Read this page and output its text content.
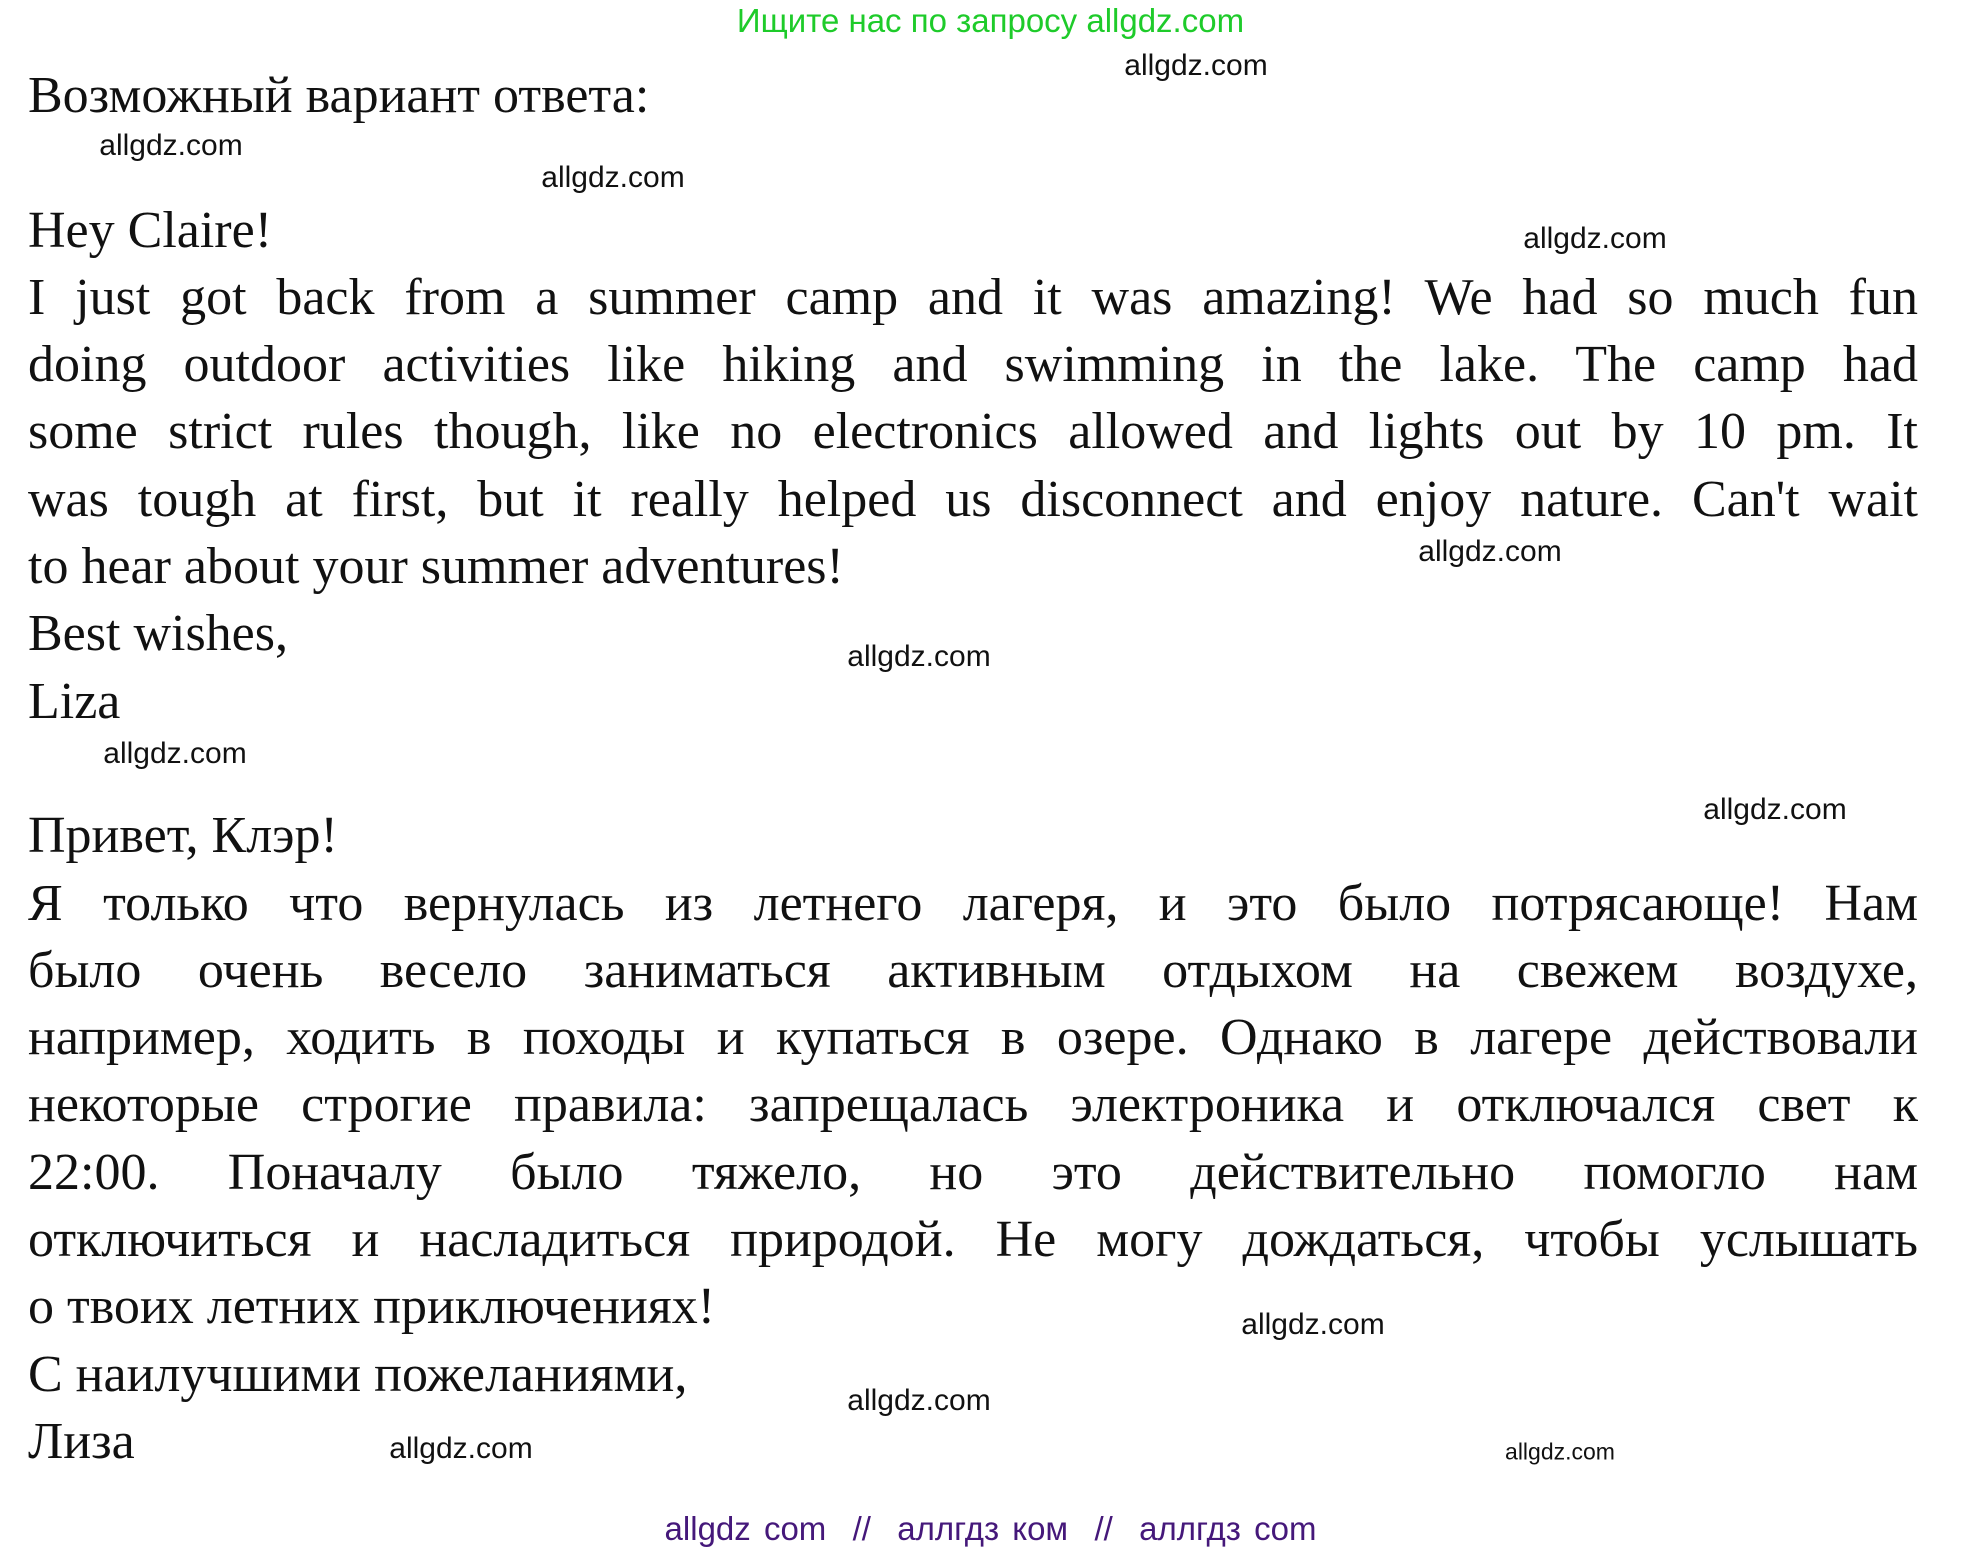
Ищите нас по запросу allgdz.com
Возможный вариант ответа:
Hey Claire!
I just got back from a summer camp and it was amazing! We had so much fun
doing outdoor activities like hiking and swimming in the lake. The camp had
some strict rules though, like no electronics allowed and lights out by 10 pm. It
was tough at first, but it really helped us disconnect and enjoy nature. Can't wait
to hear about your summer adventures!
Best wishes,
Liza
Привет, Клэр!
Я только что вернулась из летнего лагеря, и это было потрясающе! Нам
было очень весело заниматься активным отдыхом на свежем воздухе,
например, ходить в походы и купаться в озере. Однако в лагере действовали
некоторые строгие правила: запрещалась электроника и отключался свет к
22:00. Поначалу было тяжело, но это действительно помогло нам
отключиться и насладиться природой. Не могу дождаться, чтобы услышать
о твоих летних приключениях!
С наилучшими пожеланиями,
Лиза
allgdz.com
allgdz.com
allgdz.com
allgdz.com
allgdz.com
allgdz.com
allgdz.com
allgdz.com
allgdz.com
allgdz.com
allgdz.com
allgdz.com
allgdz com  //  аллгдз ком  //  аллгдз com
